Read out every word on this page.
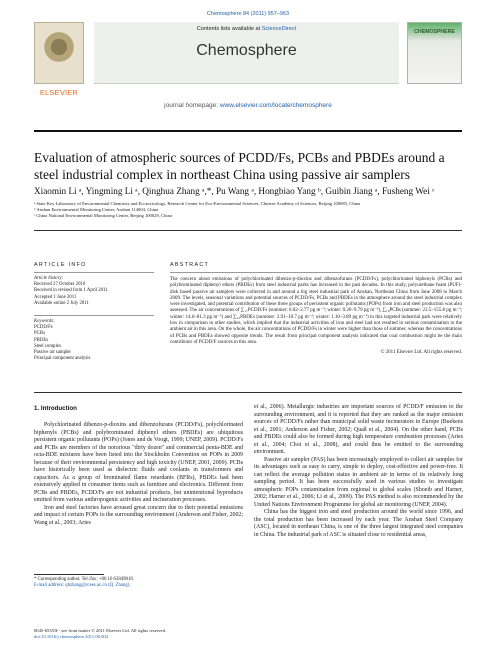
Chemosphere 84 (2011) 957–963
ELSEVIER
Contents lists available at ScienceDirect
Chemosphere
CHEMOSPHERE
journal homepage: www.elsevier.com/locate/chemosphere
Evaluation of atmospheric sources of PCDD/Fs, PCBs and PBDEs around a steel industrial complex in northeast China using passive air samplers
Xiaomin Li ᵃ, Yingming Li ᵃ, Qinghua Zhang ᵃ,*, Pu Wang ᵃ, Hongbiao Yang ᵇ, Guibin Jiang ᵃ, Fusheng Wei ᶜ
ᵃ State Key Laboratory of Environmental Chemistry and Ecotoxicology, Research Center for Eco-Environmental Sciences, Chinese Academy of Sciences, Beijing 100085, China
ᵇ Anshan Environmental Monitoring Center, Anshan 114004, China
ᶜ China National Environmental Monitoring Center, Beijing 100029, China
ARTICLE INFO
Article history:
Received 27 October 2010
Received in revised form 1 April 2011
Accepted 1 June 2011
Available online 2 July 2011
Keywords:
PCDD/Fs
PCBs
PBDEs
Steel complex
Passive air sampler
Principal component analysis
ABSTRACT

The concern about emissions of polychlorinated dibenzo-p-dioxins and dibenzofurans (PCDD/Fs), polychlorinated biphenyls (PCBs) and polybrominated diphenyl ethers (PBDEs) from steel industrial parks has increased in the past decades. In this study, polyurethane foam (PUF)-disk based passive air samplers were collected in and around a big steel industrial park of Anshan, Northeast China from June 2008 to March 2009. The levels, seasonal variations and potential sources of PCDD/Fs, PCBs and PBDEs in the atmosphere around the steel industrial complex were investigated, and potential contribution of these three groups of persistent organic pollutants (POPs) from iron and steel production was also assessed. The air concentrations of ∑₁₇PCDD/Fs (summer: 0.02–2.77 pg m⁻³; winter: 0.20–9.79 pg m⁻³), ∑₁₈PCBs (summer: 23.5–155.8 pg m⁻³; winter: 14.6–81.3 pg m⁻³) and ∑₁₃PBDEs (summer: 2.91–10.7 pg m⁻³; winter: 1.10–3.89 pg m⁻³) in this targeted industrial park were relatively low in comparison to other studies, which implied that the industrial activities of iron and steel had not resulted in serious contamination to the ambient air in this area. On the whole, the air concentrations of PCDD/Fs in winter were higher than those of summer, whereas the concentrations of PCBs and PBDEs showed opposite trends. The result from principal component analysis indicated that coal combustion might be the main contributor of PCDD/F sources in this area.

© 2011 Elsevier Ltd. All rights reserved.
1. Introduction

Polychlorinated dibenzo-p-dioxins and dibenzofurans (PCDD/Fs), polychlorinated biphenyls (PCBs) and polybrominated diphenyl ethers (PBDEs) are ubiquitous persistent organic pollutants (POPs) (Jones and de Voogt, 1999; UNEP, 2009). PCDD/Fs and PCBs are members of the notorious "dirty dozen" and commercial penta-BDE and octa-BDE mixtures have been listed into the Stockholm Convention on POPs in 2009 because of their environmental persistency and high toxicity (UNEP, 2001, 2009). PCBs have historically been used as dielectric fluids and coolants in transformers and capacitors. As a group of brominated flame retardants (BFRs), PBDEs had been extensively applied in consumer items such as furniture and electronics. Different from PCBs and PBDEs, PCDD/Fs are not industrial products, but unintentional byproducts emitted from various anthropogenic activities and incineration processes.

Iron and steel factories have aroused great concern due to their potential emissions and impact of certain POPs to the surrounding environment (Anderson and Fisher, 2002; Wang et al., 2003; Aries

et al., 2006). Metallurgic industries are important sources of PCDD/F emission to the surrounding environment, and it is reported that they are ranked as the major emission sources of PCDD/Fs rather than municipal solid waste incinerators in Europe (Buekens et al., 2001; Anderson and Fisher, 2002; Quaß et al., 2004). On the other hand, PCBs and PBDEs could also be formed during high temperature combustion processes (Aries et al., 2004; Choi et al., 2008), and could thus be emitted to the surrounding environment.

Passive air sampler (PAS) has been increasingly employed to collect air samples for its advantages such as easy to carry, simple to deploy, cost-effective and power-free. It can reflect the average pollution status in ambient air in terms of its relatively long sampling period. It has been successfully used in various studies to investigate atmospheric POPs contamination from regional to global scales (Shoeib and Harner, 2002; Harner et al., 2006; Li et al., 2009). The PAS method is also recommended by the United Nations Environment Programme for global air monitoring (UNEP, 2004).

China has the biggest iron and steel production around the world since 1996, and the total production has been increased by each year. The Anshan Steel Company (ASC), located in northeast China, is one of the three largest integrated steel companies in China. The industrial park of ASC is situated close to residential areas,

* Corresponding author. Tel./fax: +86 10 62849818.
E-mail address: qhzhang@rcees.ac.cn (Q. Zhang).
0045-6535/$ - see front matter © 2011 Elsevier Ltd. All rights reserved.
doi:10.1016/j.chemosphere.2011.06.004
